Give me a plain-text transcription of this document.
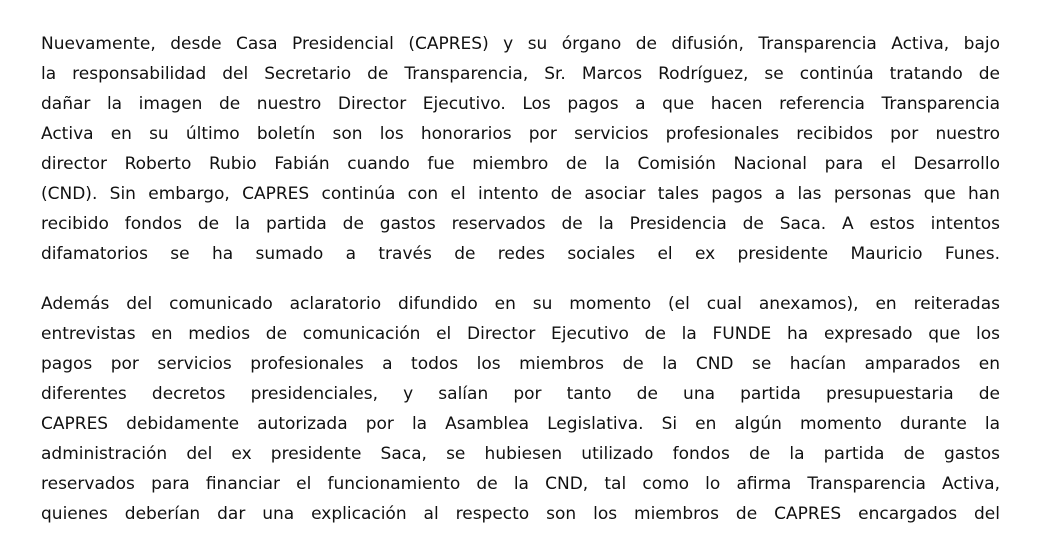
Nuevamente, desde Casa Presidencial (CAPRES) y su órgano de difusión, Transparencia Activa, bajo
la responsabilidad del Secretario de Transparencia, Sr. Marcos Rodríguez, se continúa tratando de
dañar la imagen de nuestro Director Ejecutivo. Los pagos a que hacen referencia Transparencia
Activa en su último boletín son los honorarios por servicios profesionales recibidos por nuestro
director Roberto Rubio Fabián cuando fue miembro de la Comisión Nacional para el Desarrollo
(CND). Sin embargo, CAPRES continúa con el intento de asociar tales pagos a las personas que han
recibido fondos de la partida de gastos reservados de la Presidencia de Saca. A estos intentos
difamatorios se ha sumado a través de redes sociales el ex presidente Mauricio Funes.
Además del comunicado aclaratorio difundido en su momento (el cual anexamos), en reiteradas
entrevistas en medios de comunicación el Director Ejecutivo de la FUNDE ha expresado que los
pagos por servicios profesionales a todos los miembros de la CND se hacían amparados en
diferentes decretos presidenciales, y salían por tanto de una partida presupuestaria de
CAPRES debidamente autorizada por la Asamblea Legislativa. Si en algún momento durante la
administración del ex presidente Saca, se hubiesen utilizado fondos de la partida de gastos
reservados para financiar el funcionamiento de la CND, tal como lo afirma Transparencia Activa,
quienes deberían dar una explicación al respecto son los miembros de CAPRES encargados del
